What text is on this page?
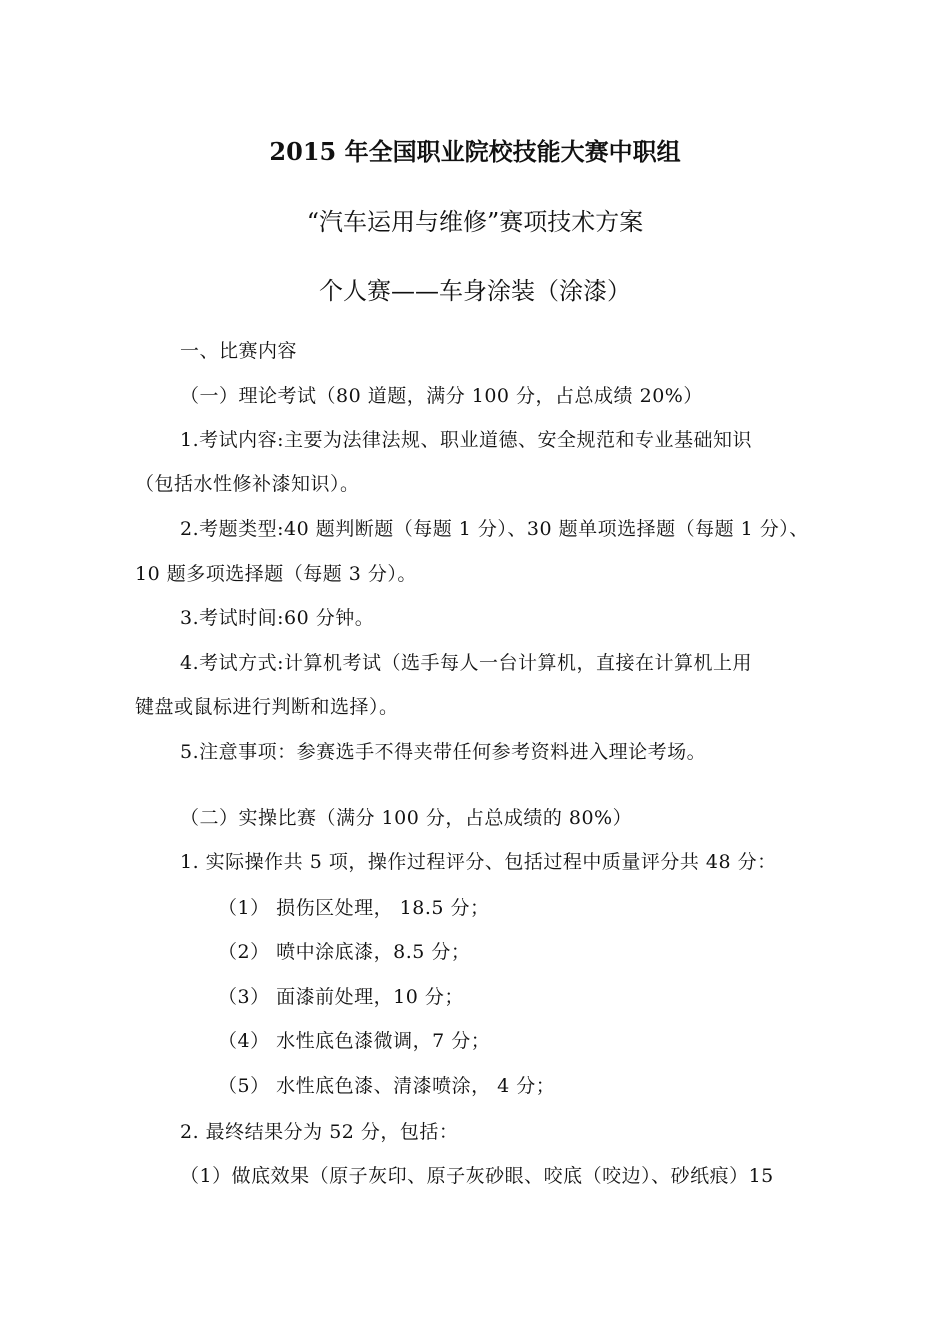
2015 年全国职业院校技能大赛中职组
“汽车运用与维修”赛项技术方案
个人赛——车身涂装（涂漆）
一、比赛内容
（一）理论考试（80 道题，满分 100 分，占总成绩 20%）
1.考试内容:主要为法律法规、职业道德、安全规范和专业基础知识
（包括水性修补漆知识）。
2.考题类型:40 题判断题（每题 1 分）、30 题单项选择题（每题 1 分）、
10 题多项选择题（每题 3 分）。
3.考试时间:60 分钟。
4.考试方式:计算机考试（选手每人一台计算机，直接在计算机上用
键盘或鼠标进行判断和选择）。
5.注意事项：参赛选手不得夹带任何参考资料进入理论考场。
（二）实操比赛（满分 100 分，占总成绩的 80%）
1. 实际操作共 5 项，操作过程评分、包括过程中质量评分共 48 分：
（1） 损伤区处理， 18.5 分；
（2） 喷中涂底漆，8.5 分；
（3） 面漆前处理，10 分；
（4） 水性底色漆微调，7 分；
（5） 水性底色漆、清漆喷涂， 4 分；
2. 最终结果分为 52 分，包括：
（1）做底效果（原子灰印、原子灰砂眼、咬底（咬边）、砂纸痕）15
